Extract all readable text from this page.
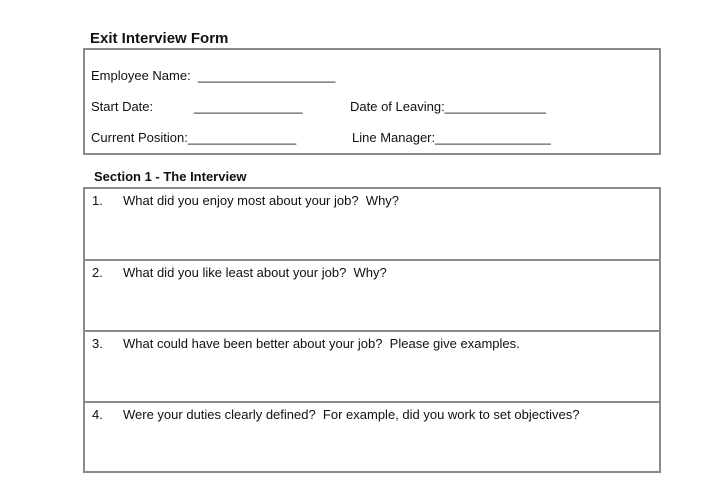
Exit Interview Form
Employee Name:  ___________________
Start Date:	_______________	Date of Leaving:______________
Current Position:_______________	Line Manager:________________
Section 1 - The Interview
1. What did you enjoy most about your job?  Why?
2. What did you like least about your job?  Why?
3. What could have been better about your job?  Please give examples.
4. Were your duties clearly defined?  For example, did you work to set objectives?
